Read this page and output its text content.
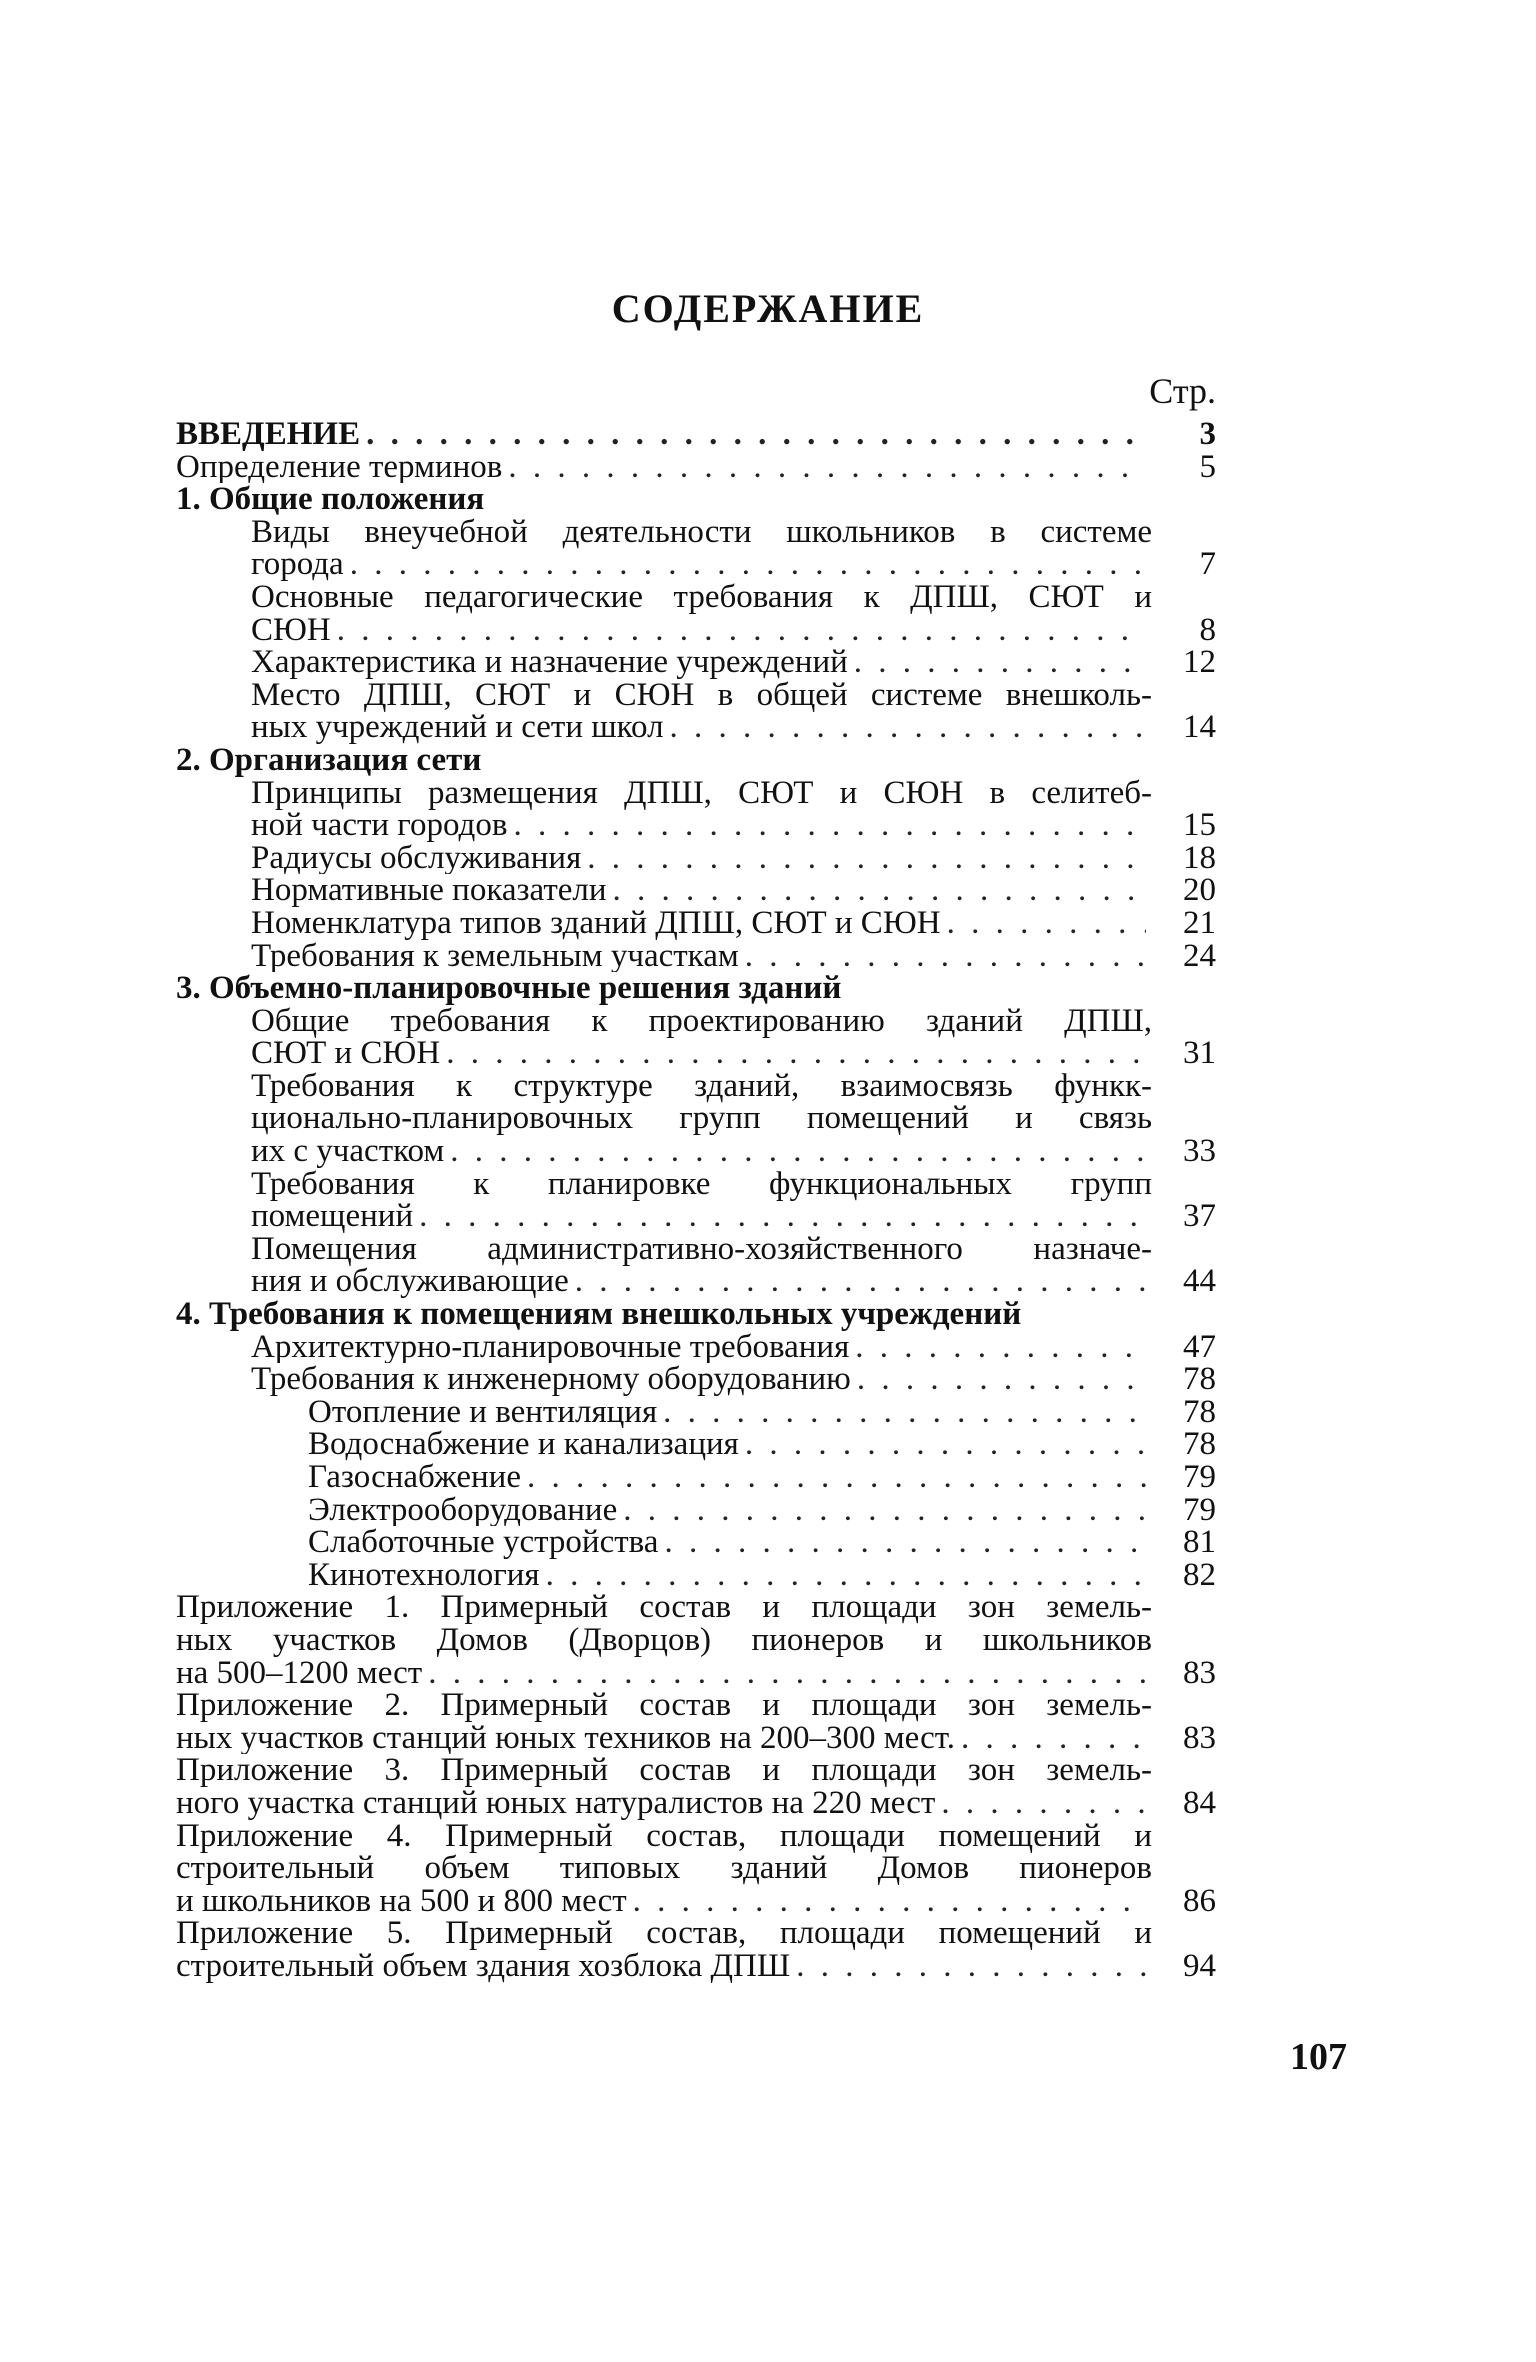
СОДЕРЖАНИЕ
Стр.
ВВЕДЕНИЕ . . .	3
Определение терминов . . .	5
1. Общие положения
Виды внеучебной деятельности школьников в системе
города . . .	7
Основные педагогические требования к ДПШ, СЮТ и
СЮН . . .	8
Характеристика и назначение учреждений . . .	12
Место ДПШ, СЮТ и СЮН в общей системе внешколь-
ных учреждений и сети школ . . .	14
2. Организация сети
Принципы размещения ДПШ, СЮТ и СЮН в селитеб-
ной части городов . . .	15
Радиусы обслуживания . . .	18
Нормативные показатели . . .	20
Номенклатура типов зданий ДПШ, СЮТ и СЮН . . .	21
Требования к земельным участкам . . .	24
3. Объемно-планировочные решения зданий
Общие требования к проектированию зданий ДПШ,
СЮТ и СЮН . . .	31
Требования к структуре зданий, взаимосвязь функк-
ционально-планировочных групп помещений и связь
их с участком . . .	33
Требования к планировке функциональных групп
помещений . . .	37
Помещения административно-хозяйственного назначе-
ния и обслуживающие . . .	44
4. Требования к помещениям внешкольных учреждений
Архитектурно-планировочные требования . . .	47
Требования к инженерному оборудованию . . .	78
Отопление и вентиляция . . .	78
Водоснабжение и канализация . . .	78
Газоснабжение . . .	79
Электрооборудование . . .	79
Слаботочные устройства . . .	81
Кинотехнология . . .	82
Приложение 1. Примерный состав и площади зон земель-
ных участков Домов (Дворцов) пионеров и школьников
на 500–1200 мест . . .	83
Приложение 2. Примерный состав и площади зон земель-
ных участков станций юных техников на 200–300 мест. . . .	83
Приложение 3. Примерный состав и площади зон земель-
ного участка станций юных натуралистов на 220 мест . . .	84
Приложение 4. Примерный состав, площади помещений и
строительный объем типовых зданий Домов пионеров
и школьников на 500 и 800 мест . . .	86
Приложение 5. Примерный состав, площади помещений и
строительный объем здания хозблока ДПШ . . .	94
107
